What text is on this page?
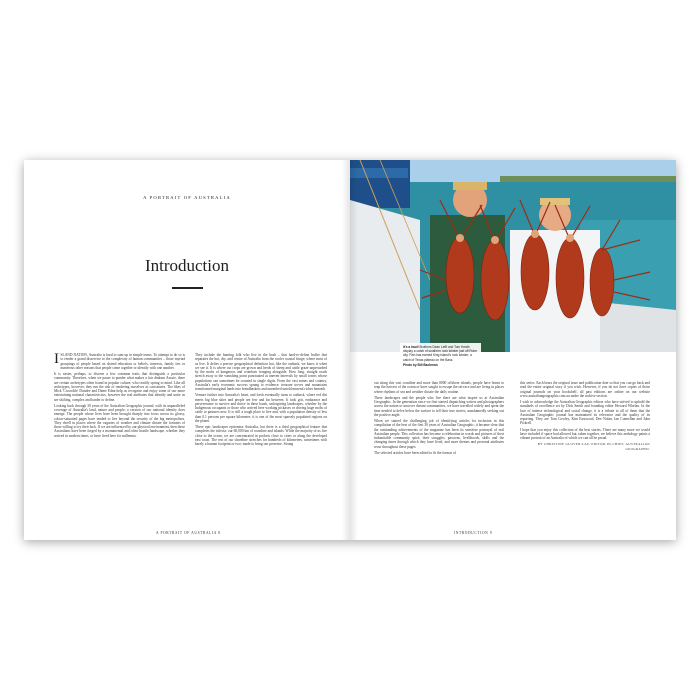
A PORTRAIT OF AUSTRALIA
Introduction

ISLAND NATION, Australia is hard to sum up in simple terms. To attempt to do so is to render a grand disservice to the complexity of human communities – those myriad groupings of people based on shared education or beliefs, interests, family ties or numerous other reasons that people come together or identify with one another.

It is easier, perhaps, to discern a few common traits that distinguish a particular community. Therefore, when we pause to ponder what makes a fair dinkum Aussie, there are certain archetypes often found in popular culture, who readily spring to mind. Like all archetypes, however, they run the risk of rendering ourselves as caricatures. The likes of Mick 'Crocodile' Dundee and Dame Edna help us recognise and enjoy some of our more entertaining national characteristics, however the real attributes that identify and unite us are shifting, complex and harder to define.

Looking back through 30 years of the Australian Geographic journal, with its unparalleled coverage of Australia's land, nature and people, a version of our national identity does emerge. The people whose lives have been brought sharply into focus across its glossy, colour-saturated pages have tended to live beyond the security of the big metropolises. They dwell in places where the vagaries of weather and climate dictate the fortunes of those willing to try their luck. If we are influenced by our physical environment, then these Australians have been forged by a monumental and often hostile landscape, whether they arrived in modern times, or have lived here for millennia.

They include the hunting folk who live in the bush – that hard-to-define buffer that separates the hot, dry, arid centre of Australia from the cooler coastal fringe, where most of us live. It defies a precise geographical definition but, like the outback, we know it when we see it. It is where cut crops are grown and herds of sheep and cattle graze unperturbed by the mobs of kangaroos and wombats foraging alongside. How long, straight roads stretch away to the vanishing point punctuated at uneven intervals by small towns whose populations can sometimes be counted in single digits. From the vast mines and country, Australia's early economic success sprang to evidence; treasure troves and mountains transformed marginal lands into breadbaskets and unearthed untold mineral riches beneath.

Venture further into Australia's heart, and fresh eventually turns to outback, where red dirt meets big blue skies and people are few and far between. It took grit, endurance and perseverance to survive and thrive in these harsh, unforgiving landscapes, whether by the Indigenous occupants or those who arrived here working pickaxes or driving huge mobs of cattle to pastures new. It is still a tough place to live and, with a population density of less than 0.1 persons per square kilometre, it is one of the most sparsely populated regions on the planet.

These epic landscapes epitomise Australia, but there is a third geographical feature that completes the trifecta: our 60,000 km of coastline and islands. While the majority of us live close to the ocean, we are concentrated in pockets close to cities or along the developed east coast. The rest of our shoreline stretches for hundreds of kilometres, sometimes with barely a human footprint or two; made to bring our presence. Strung

A PORTRAIT OF AUSTRALIA 8
It's a haul! Brothers Dean Lefft and Tom Heath display a catch of southern rock lobster just off Robe city. Fish has earned King Island's rock lobster, a catch of Texas plateau on the Bass.
Photo by Bill Bachman

out along this vast coastline and more than 8000 offshore islands, people have learnt to reap the harvest of the ocean or have sought to escape the rat-race and are living in places where rhythms of sea and weather dictate the daily routine.

These landscapes and the people who live there are what inspire us at Australian Geographic. In the generation since we first started dispatching writers and photographers across the nation to uncover distant communities, we have travelled widely and spent the time needed to delve below the surface to tell their true stories, unashamedly seeking out the positive angle.

When we started the challenging job of identifying articles for inclusion in this compilation of the best of the first 30 years of Australian Geographic, it became clear that the outstanding achievements of the magazine has been its sensitive portrayal of real Australian people. This collection has become a celebration in words and pictures of their indomitable community spirit, their struggles, passions, livelihoods, skills and the changing times through which they have lived, and more themes and personal attributes recur throughout these pages.

The selected articles have been edited to fit the format of

this series. Each bears the original issue and publication date so that you can go back and read the entire original story if you wish. However, if you do not have copies of those original journals on your bookshelf, all past editions are online on our website www.australiangeographic.com.au under the archive section.

I wish to acknowledge the Australian Geographic editors who have strived to uphold the standards of excellence set by Dick Smith and founding editor Howard Whelan. In the face of intense technological and social change, it is a tribute to all of them that the Australian Geographic journal has maintained its relevance and the quality of its reporting. They are Tom Cowley, Kim Eastwood, Dee Nolan, Ian Connellan and John Pickrell.

I hope that you enjoy this collection of the best stories. There are many more we would have included if space had allowed but, taken together, we believe this anthology paints a vibrant portrait of an Australia of which we can all be proud.

BY CHRISTINE GLOVER/LAP, EDITOR-IN-CHIEF, AUSTRALIAN GEOGRAPHIC

INTRODUCTION 9
